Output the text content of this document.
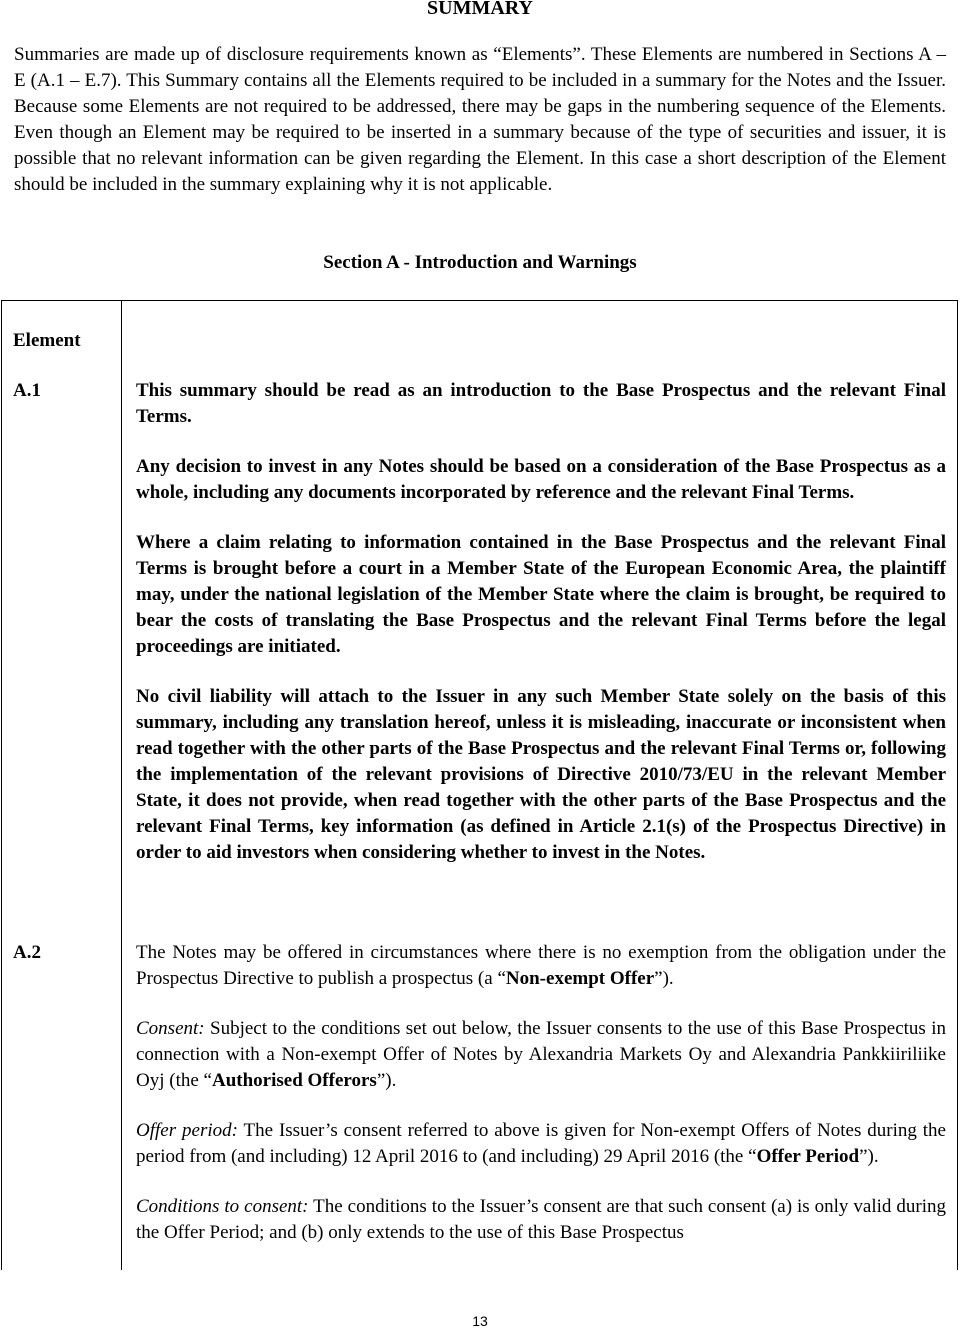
SUMMARY

Summaries are made up of disclosure requirements known as “Elements”. These Elements are numbered in Sections A – E (A.1 – E.7). This Summary contains all the Elements required to be included in a summary for the Notes and the Issuer. Because some Elements are not required to be addressed, there may be gaps in the numbering sequence of the Elements. Even though an Element may be required to be inserted in a summary because of the type of securities and issuer, it is possible that no relevant information can be given regarding the Element. In this case a short description of the Element should be included in the summary explaining why it is not applicable.

Section A - Introduction and Warnings
Element
A.1	This summary should be read as an introduction to the Base Prospectus and the relevant Final Terms.

Any decision to invest in any Notes should be based on a consideration of the Base Prospectus as a whole, including any documents incorporated by reference and the relevant Final Terms.

Where a claim relating to information contained in the Base Prospectus and the relevant Final Terms is brought before a court in a Member State of the European Economic Area, the plaintiff may, under the national legislation of the Member State where the claim is brought, be required to bear the costs of translating the Base Prospectus and the relevant Final Terms before the legal proceedings are initiated.

No civil liability will attach to the Issuer in any such Member State solely on the basis of this summary, including any translation hereof, unless it is misleading, inaccurate or inconsistent when read together with the other parts of the Base Prospectus and the relevant Final Terms or, following the implementation of the relevant provisions of Directive 2010/73/EU in the relevant Member State, it does not provide, when read together with the other parts of the Base Prospectus and the relevant Final Terms, key information (as defined in Article 2.1(s) of the Prospectus Directive) in order to aid investors when considering whether to invest in the Notes.

A.2	The Notes may be offered in circumstances where there is no exemption from the obligation under the Prospectus Directive to publish a prospectus (a “Non-exempt Offer”).

Consent: Subject to the conditions set out below, the Issuer consents to the use of this Base Prospectus in connection with a Non-exempt Offer of Notes by Alexandria Markets Oy and Alexandria Pankkiiriliike Oyj (the “Authorised Offerors”).

Offer period: The Issuer’s consent referred to above is given for Non-exempt Offers of Notes during the period from (and including) 12 April 2016 to (and including) 29 April 2016 (the “Offer Period”).

Conditions to consent: The conditions to the Issuer’s consent are that such consent (a) is only valid during the Offer Period; and (b) only extends to the use of this Base Prospectus

13
